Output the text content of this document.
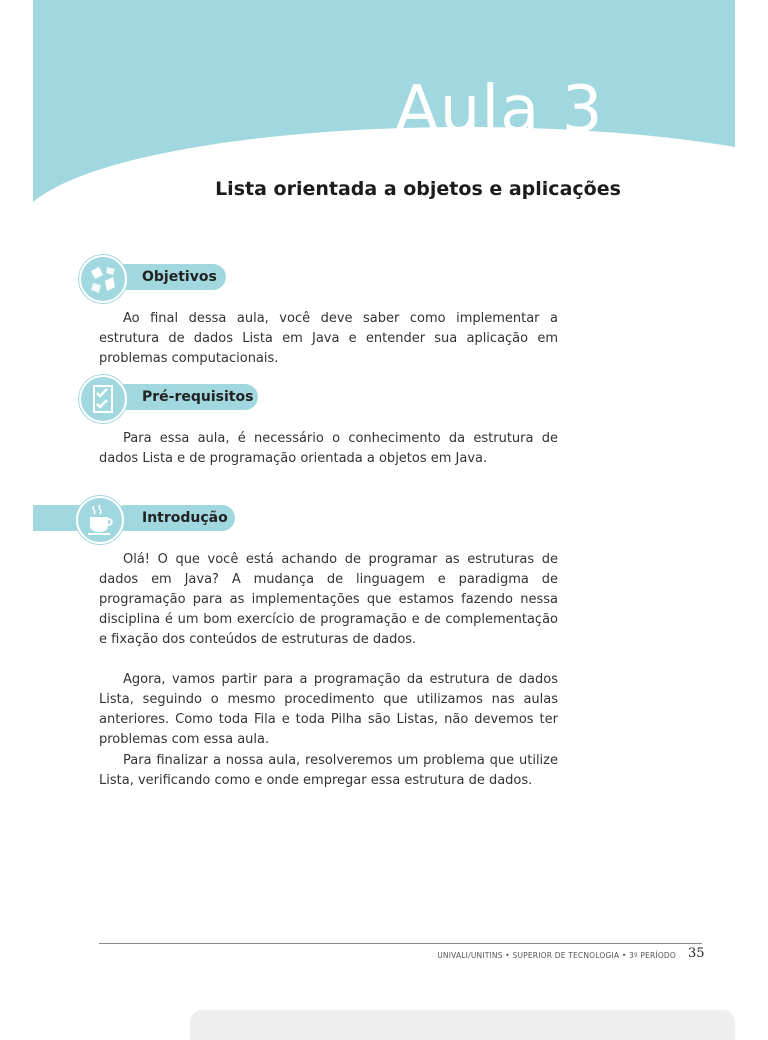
Aula 3
Lista orientada a objetos e aplicações
Objetivos

Ao final dessa aula, você deve saber como implementar a estrutura de dados Lista em Java e entender sua aplicação em problemas computacionais.

Pré-requisitos

Para essa aula, é necessário o conhecimento da estrutura de dados Lista e de programação orientada a objetos em Java.

Introdução

Olá! O que você está achando de programar as estruturas de dados em Java? A mudança de linguagem e paradigma de programação para as implementações que estamos fazendo nessa disciplina é um bom exercício de programação e de complementação e fixação dos conteúdos de estruturas de dados.

Agora, vamos partir para a programação da estrutura de dados Lista, seguindo o mesmo procedimento que utilizamos nas aulas anteriores. Como toda Fila e toda Pilha são Listas, não devemos ter problemas com essa aula.

Para finalizar a nossa aula, resolveremos um problema que utilize Lista, verificando como e onde empregar essa estrutura de dados.

UNIVALI/UNITINS • SUPERIOR DE TECNOLOGIA • 3º PERÍODO 35
